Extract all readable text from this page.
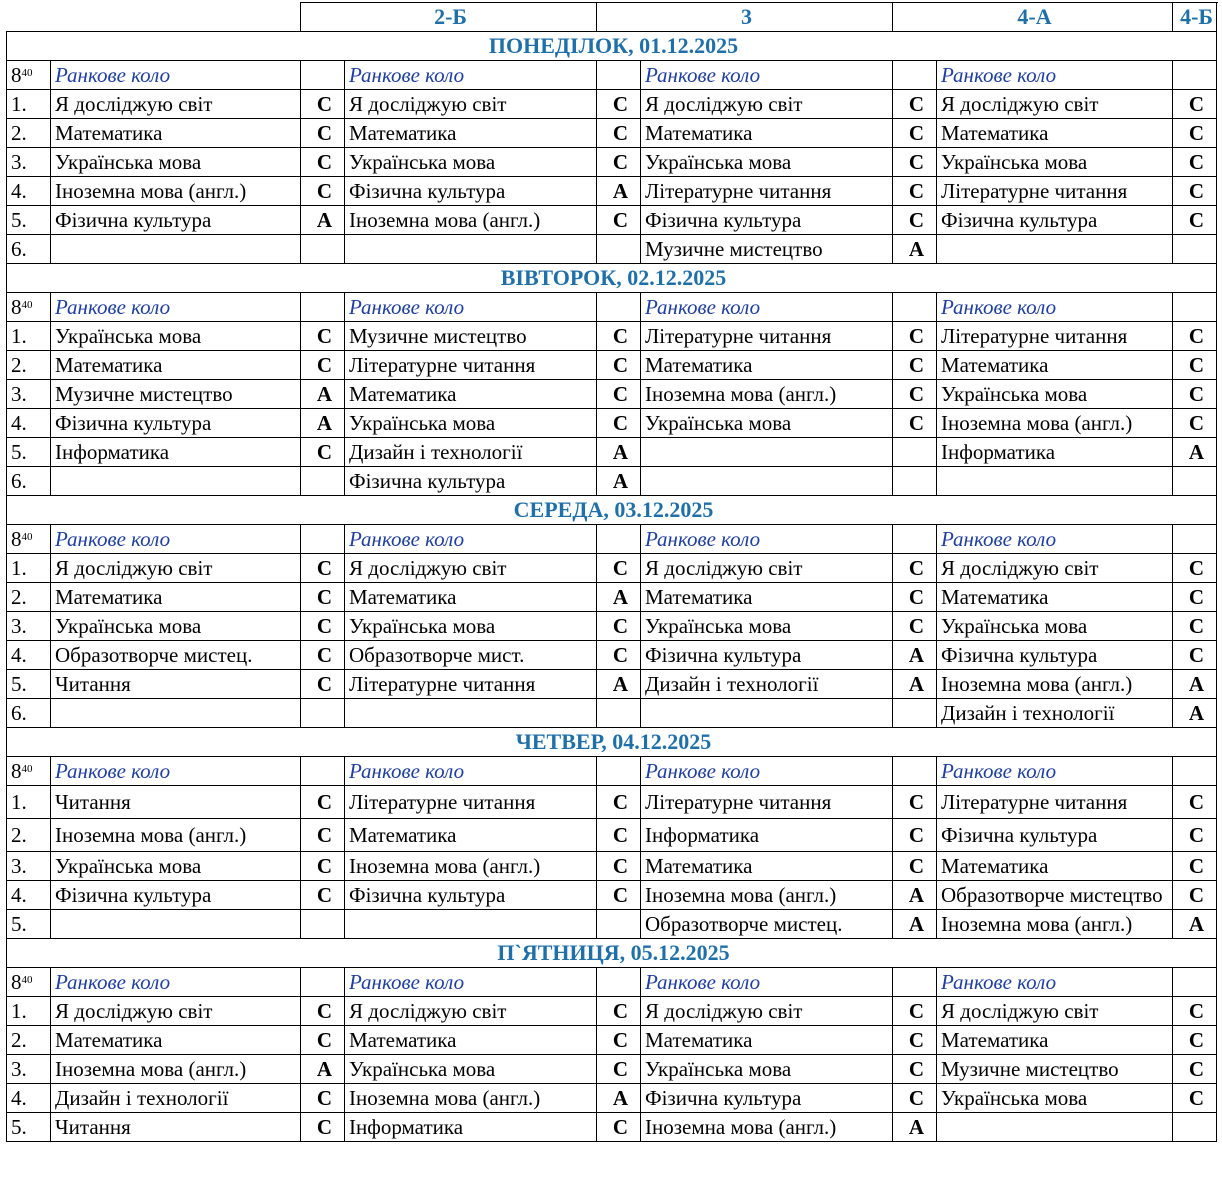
		2-Б		3		4-А		4-Б
ПОНЕДІЛОК, 01.12.2025								
$8^{40}$	Ранкове коло		Ранкове коло		Ранкове коло		Ранкове коло	
1.	Я досліджую світ	С	Я досліджую світ	С	Я досліджую світ	С	Я досліджую світ	С
2.	Математика	С	Математика	С	Математика	С	Математика	С
3.	Українська мова	С	Українська мова	С	Українська мова	С	Українська мова	С
4.	Іноземна мова (англ.)	С	Фізична культура	А	Літературне читання	С	Літературне читання	С
5.	Фізична культура	А	Іноземна мова (англ.)	С	Фізична культура	С	Фізична культура	С
6.					Музичне мистецтво	А		
ВІВТОРОК, 02.12.2025								
$8^{40}$	Ранкове коло		Ранкове коло		Ранкове коло		Ранкове коло	
1.	Українська мова	С	Музичне мистецтво	С	Літературне читання	С	Літературне читання	С
2.	Математика	С	Літературне читання	С	Математика	С	Математика	С
3.	Музичне мистецтво	А	Математика	С	Іноземна мова (англ.)	С	Українська мова	С
4.	Фізична культура	А	Українська мова	С	Українська мова	С	Іноземна мова (англ.)	С
5.	Інформатика	С	Дизайн і технології	А			Інформатика	А
6.			Фізична культура	А				
СЕРЕДА, 03.12.2025								
$8^{40}$	Ранкове коло		Ранкове коло		Ранкове коло		Ранкове коло	
1.	Я досліджую світ	С	Я досліджую світ	С	Я досліджую світ	С	Я досліджую світ	С
2.	Математика	С	Математика	А	Математика	С	Математика	С
3.	Українська мова	С	Українська мова	С	Українська мова	С	Українська мова	С
4.	Образотворче мистец.	С	Образотворче мист.	С	Фізична культура	А	Фізична культура	С
5.	Читання	С	Літературне читання	А	Дизайн і технології	А	Іноземна мова (англ.)	А
6.							Дизайн і технології	А
ЧЕТВЕР, 04.12.2025								
$8^{40}$	Ранкове коло		Ранкове коло		Ранкове коло		Ранкове коло	
1.	Читання	С	Літературне читання	С	Літературне читання	С	Літературне читання	С
2.	Іноземна мова (англ.)	С	Математика	С	Інформатика	С	Фізична культура	С
3.	Українська мова	С	Іноземна мова (англ.)	С	Математика	С	Математика	С
4.	Фізична культура	С	Фізична культура	С	Іноземна мова (англ.)	А	Образотворче мистецтво	С
5.					Образотворче мистец.	А	Іноземна мова (англ.)	А
П`ЯТНИЦЯ, 05.12.2025								
$8^{40}$	Ранкове коло		Ранкове коло		Ранкове коло		Ранкове коло	
1.	Я досліджую світ	С	Я досліджую світ	С	Я досліджую світ	С	Я досліджую світ	С
2.	Математика	С	Математика	С	Математика	С	Математика	С
3.	Іноземна мова (англ.)	А	Українська мова	С	Українська мова	С	Музичне мистецтво	С
4.	Дизайн і технології	С	Іноземна мова (англ.)	А	Фізична культура	С	Українська мова	С
5.	Читання	С	Інформатика	С	Іноземна мова (англ.)	А		
